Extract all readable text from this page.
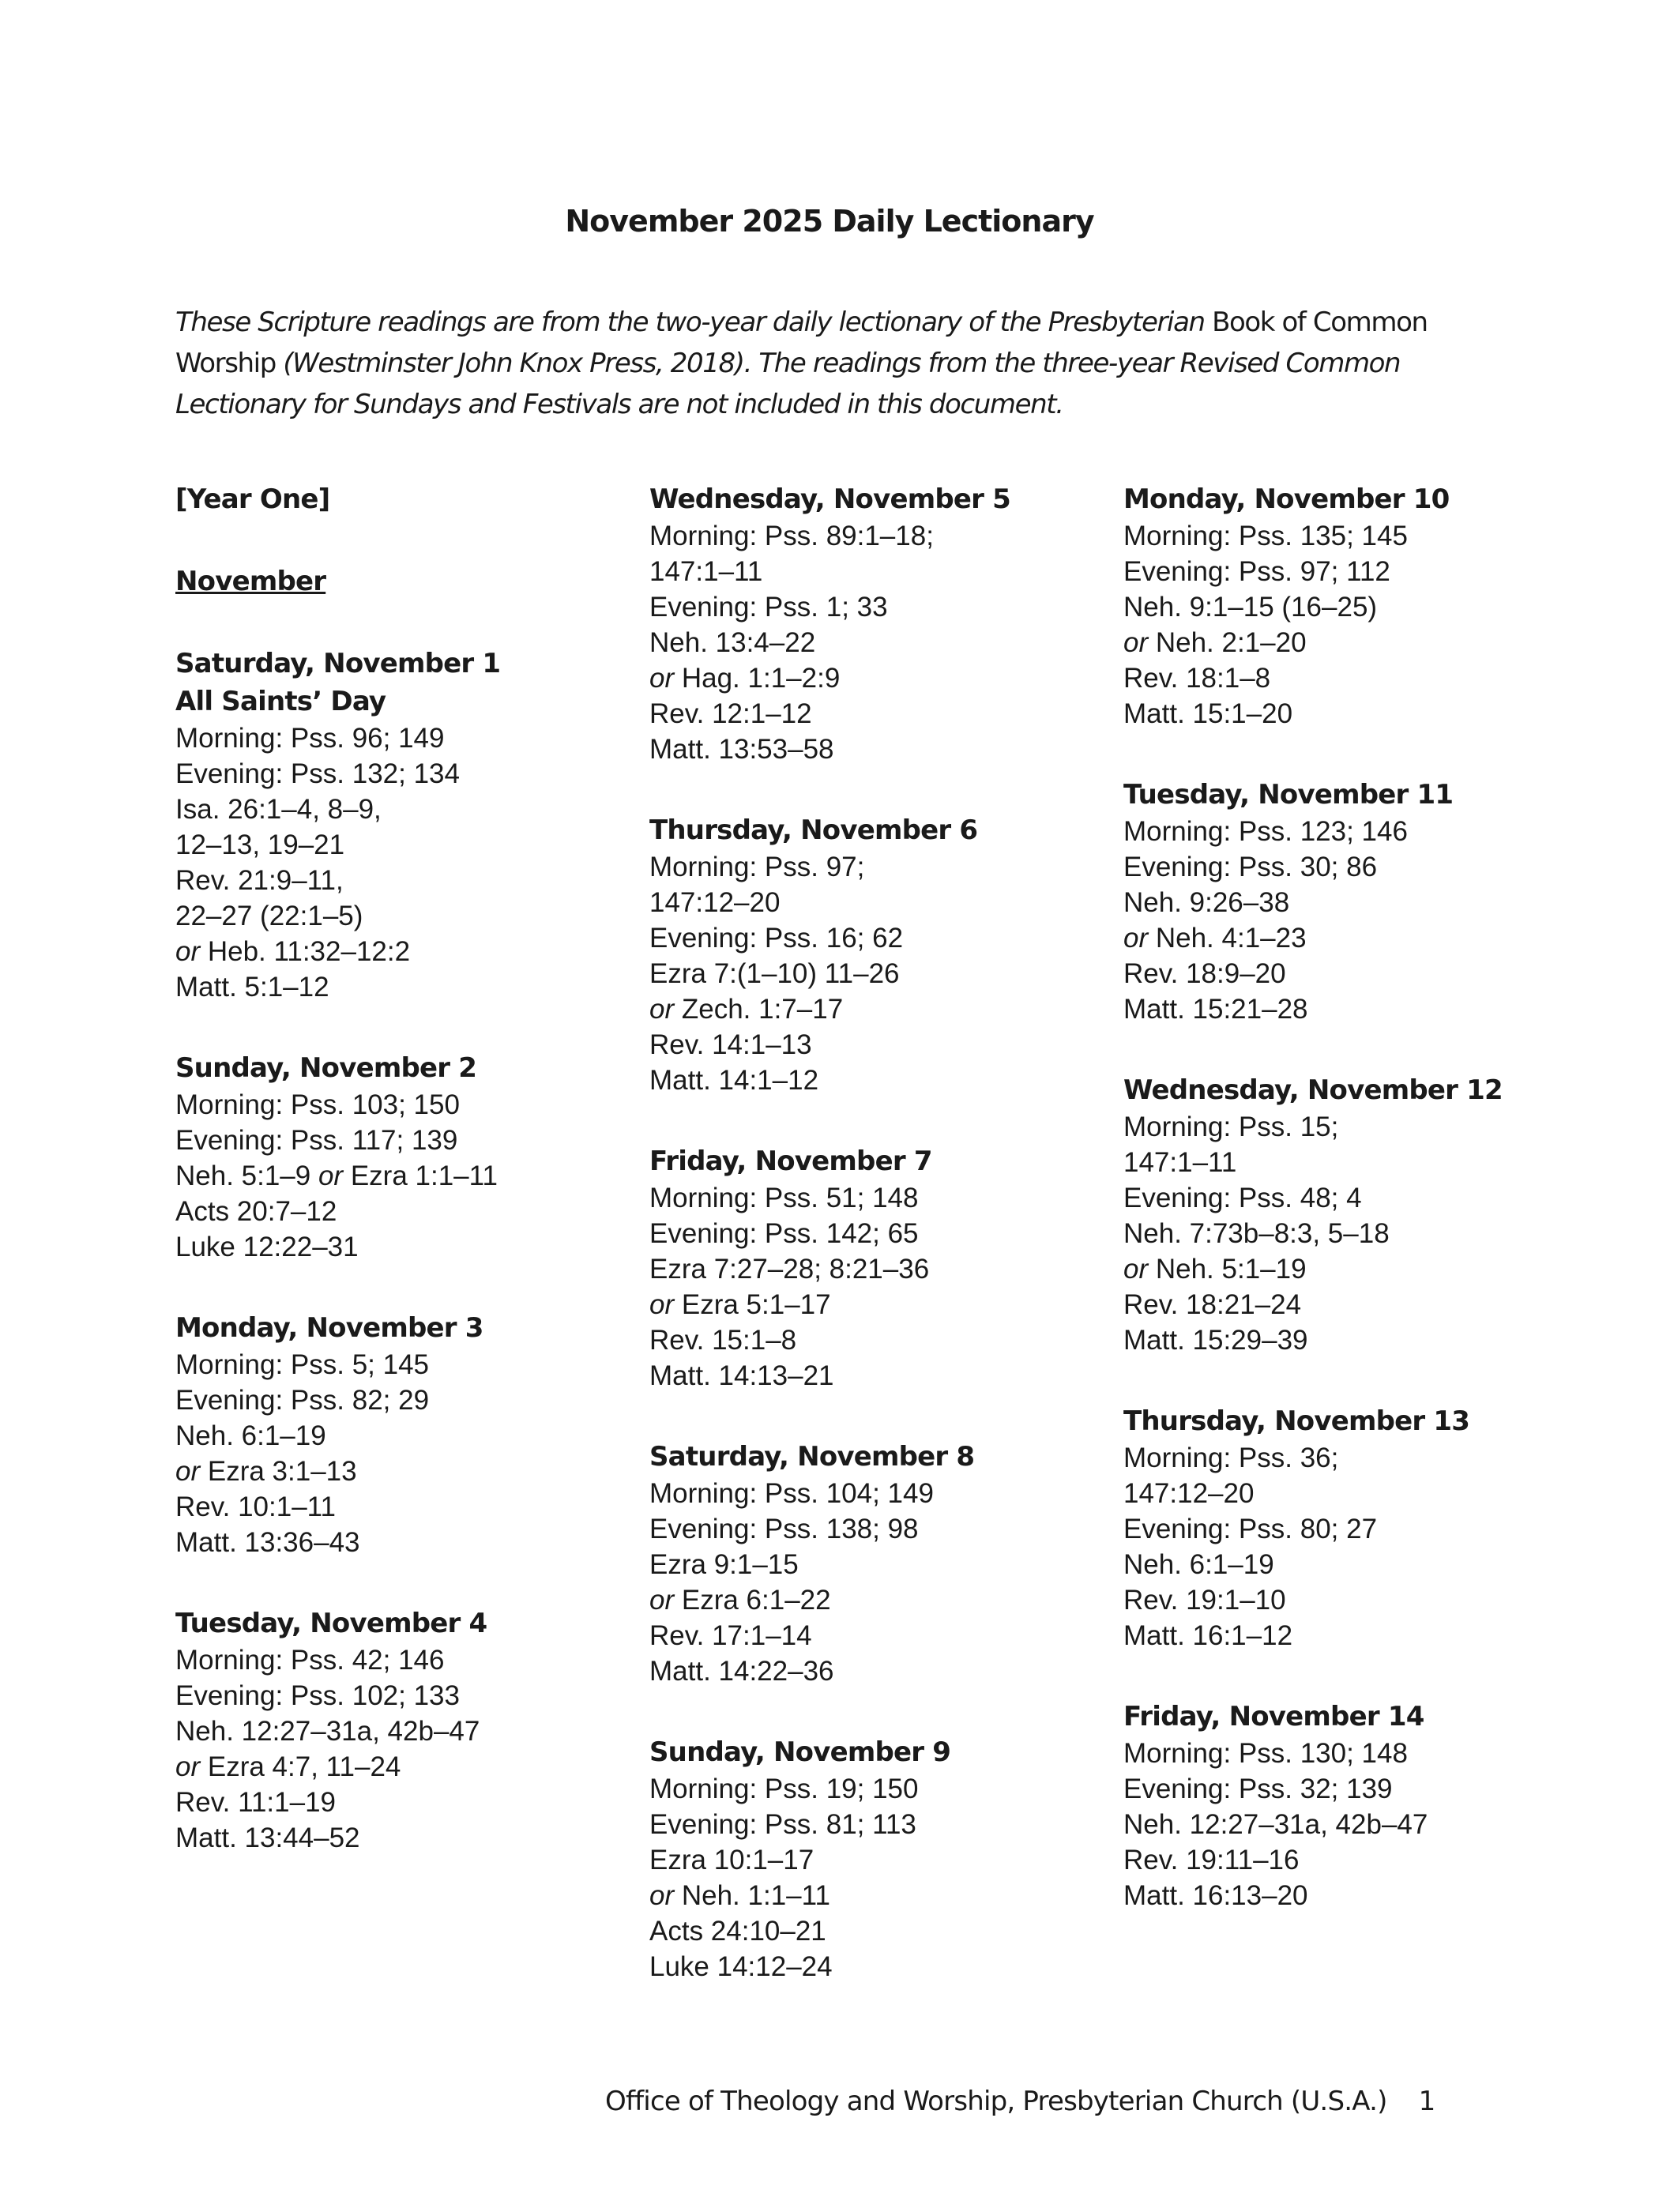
November 2025 Daily Lectionary
These Scripture readings are from the two-year daily lectionary of the Presbyterian Book of Common Worship (Westminster John Knox Press, 2018). The readings from the three-year Revised Common Lectionary for Sundays and Festivals are not included in this document.
[Year One]
November
Saturday, November 1
All Saints’ Day
Morning: Pss. 96; 149
Evening: Pss. 132; 134
Isa. 26:1–4, 8–9,
12–13, 19–21
Rev. 21:9–11,
22–27 (22:1–5)
or Heb. 11:32–12:2
Matt. 5:1–12
Sunday, November 2
Morning: Pss. 103; 150
Evening: Pss. 117; 139
Neh. 5:1–9 or Ezra 1:1–11
Acts 20:7–12
Luke 12:22–31
Monday, November 3
Morning: Pss. 5; 145
Evening: Pss. 82; 29
Neh. 6:1–19
or Ezra 3:1–13
Rev. 10:1–11
Matt. 13:36–43
Tuesday, November 4
Morning: Pss. 42; 146
Evening: Pss. 102; 133
Neh. 12:27–31a, 42b–47
or Ezra 4:7, 11–24
Rev. 11:1–19
Matt. 13:44–52
Wednesday, November 5
Morning: Pss. 89:1–18;
147:1–11
Evening: Pss. 1; 33
Neh. 13:4–22
or Hag. 1:1–2:9
Rev. 12:1–12
Matt. 13:53–58
Thursday, November 6
Morning: Pss. 97;
147:12–20
Evening: Pss. 16; 62
Ezra 7:(1–10) 11–26
or Zech. 1:7–17
Rev. 14:1–13
Matt. 14:1–12
Friday, November 7
Morning: Pss. 51; 148
Evening: Pss. 142; 65
Ezra 7:27–28; 8:21–36
or Ezra 5:1–17
Rev. 15:1–8
Matt. 14:13–21
Saturday, November 8
Morning: Pss. 104; 149
Evening: Pss. 138; 98
Ezra 9:1–15
or Ezra 6:1–22
Rev. 17:1–14
Matt. 14:22–36
Sunday, November 9
Morning: Pss. 19; 150
Evening: Pss. 81; 113
Ezra 10:1–17
or Neh. 1:1–11
Acts 24:10–21
Luke 14:12–24
Monday, November 10
Morning: Pss. 135; 145
Evening: Pss. 97; 112
Neh. 9:1–15 (16–25)
or Neh. 2:1–20
Rev. 18:1–8
Matt. 15:1–20
Tuesday, November 11
Morning: Pss. 123; 146
Evening: Pss. 30; 86
Neh. 9:26–38
or Neh. 4:1–23
Rev. 18:9–20
Matt. 15:21–28
Wednesday, November 12
Morning: Pss. 15;
147:1–11
Evening: Pss. 48; 4
Neh. 7:73b–8:3, 5–18
or Neh. 5:1–19
Rev. 18:21–24
Matt. 15:29–39
Thursday, November 13
Morning: Pss. 36;
147:12–20
Evening: Pss. 80; 27
Neh. 6:1–19
Rev. 19:1–10
Matt. 16:1–12
Friday, November 14
Morning: Pss. 130; 148
Evening: Pss. 32; 139
Neh. 12:27–31a, 42b–47
Rev. 19:11–16
Matt. 16:13–20
Office of Theology and Worship, Presbyterian Church (U.S.A.) 1
